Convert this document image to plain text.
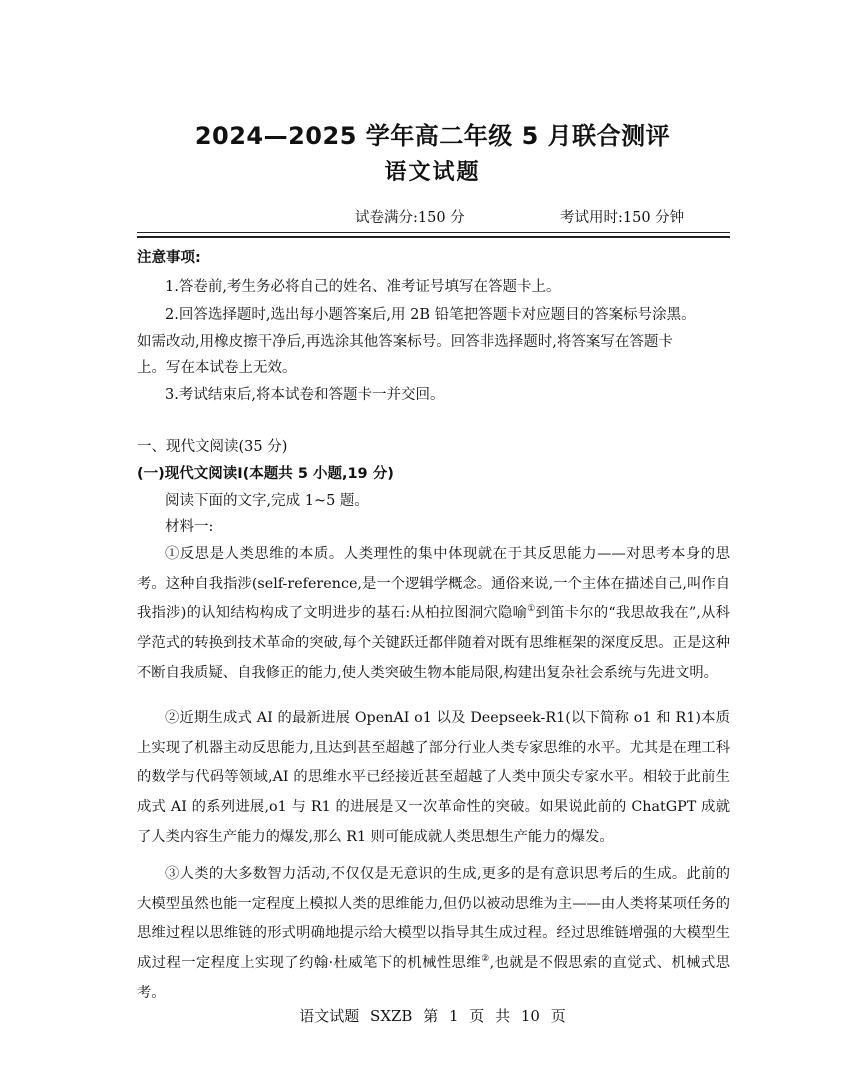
2024—2025 学年高二年级 5 月联合测评
语文试题
试卷满分:150 分	考试用时:150 分钟
注意事项:
1.答卷前,考生务必将自己的姓名、准考证号填写在答题卡上。
2.回答选择题时,选出每小题答案后,用 2B 铅笔把答题卡对应题目的答案标号涂黑。
如需改动,用橡皮擦干净后,再选涂其他答案标号。回答非选择题时,将答案写在答题卡
上。写在本试卷上无效。
3.考试结束后,将本试卷和答题卡一并交回。
一、现代文阅读(35 分)
(一)现代文阅读Ⅰ(本题共 5 小题,19 分)
阅读下面的文字,完成 1~5 题。
材料一:
①反思是人类思维的本质。人类理性的集中体现就在于其反思能力——对思考本身的思考。这种自我指涉(self-reference,是一个逻辑学概念。通俗来说,一个主体在描述自己,叫作自我指涉)的认知结构构成了文明进步的基石:从柏拉图洞穴隐喻①到笛卡尔的“我思故我在”,从科学范式的转换到技术革命的突破,每个关键跃迁都伴随着对既有思维框架的深度反思。正是这种不断自我质疑、自我修正的能力,使人类突破生物本能局限,构建出复杂社会系统与先进文明。
②近期生成式 AI 的最新进展 OpenAI o1 以及 Deepseek-R1(以下简称 o1 和 R1)本质上实现了机器主动反思能力,且达到甚至超越了部分行业人类专家思维的水平。尤其是在理工科的数学与代码等领域,AI 的思维水平已经接近甚至超越了人类中顶尖专家水平。相较于此前生成式 AI 的系列进展,o1 与 R1 的进展是又一次革命性的突破。如果说此前的 ChatGPT 成就了人类内容生产能力的爆发,那么 R1 则可能成就人类思想生产能力的爆发。
③人类的大多数智力活动,不仅仅是无意识的生成,更多的是有意识思考后的生成。此前的大模型虽然也能一定程度上模拟人类的思维能力,但仍以被动思维为主——由人类将某项任务的思维过程以思维链的形式明确地提示给大模型以指导其生成过程。经过思维链增强的大模型生成过程一定程度上实现了约翰·杜威笔下的机械性思维②,也就是不假思索的直觉式、机械式思考。
语文试题 SXZB 第 1 页 共 10 页
